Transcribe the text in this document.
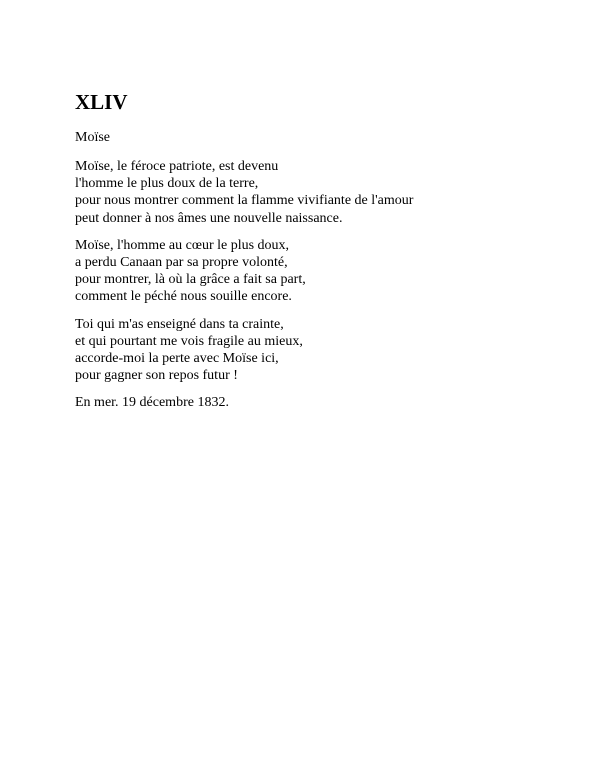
XLIV

Moïse

Moïse, le féroce patriote, est devenu
l'homme le plus doux de la terre,
pour nous montrer comment la flamme vivifiante de l'amour
peut donner à nos âmes une nouvelle naissance.
Moïse, l'homme au cœur le plus doux,
a perdu Canaan par sa propre volonté,
pour montrer, là où la grâce a fait sa part,
comment le péché nous souille encore.
Toi qui m'as enseigné dans ta crainte,
et qui pourtant me vois fragile au mieux,
accorde-moi la perte avec Moïse ici,
pour gagner son repos futur !

En mer. 19 décembre 1832.
